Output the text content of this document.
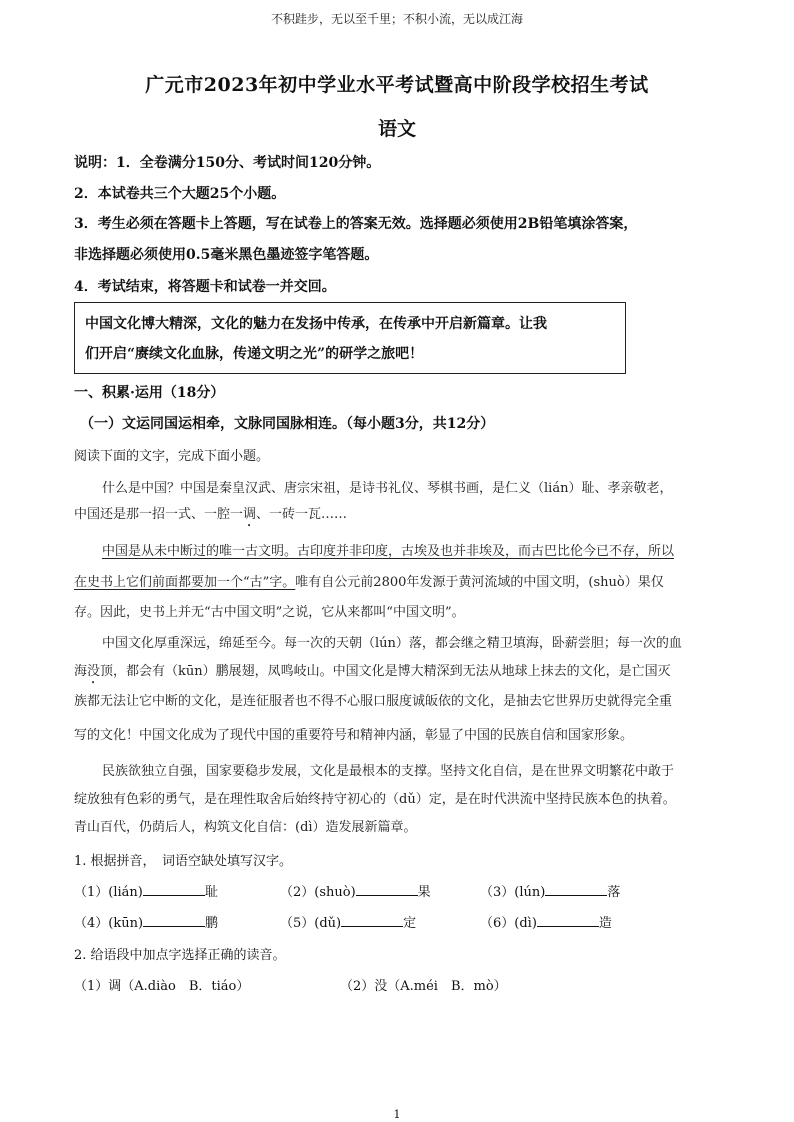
不积跬步，无以至千里；不积小流，无以成江海
广元市2023年初中学业水平考试暨高中阶段学校招生考试
语文
说明：1．全卷满分150分、考试时间120分钟。
2．本试卷共三个大题25个小题。
3．考生必须在答题卡上答题，写在试卷上的答案无效。选择题必须使用2B铅笔填涂答案，
非选择题必须使用0.5毫米黑色墨迹签字笔答题。
4．考试结束，将答题卡和试卷一并交回。
中国文化博大精深，文化的魅力在发扬中传承，在传承中开启新篇章。让我
们开启“赓续文化血脉，传递文明之光”的研学之旅吧！
一、积累·运用（18分）
（一）文运同国运相牵，文脉同国脉相连。（每小题3分，共12分）
阅读下面的文字，完成下面小题。
什么是中国？中国是秦皇汉武、唐宗宋祖，是诗书礼仪、琴棋书画，是仁义（lián）耻、孝亲敬老，
中国还是那一招一式、一腔一调、一砖一瓦……
中国是从未中断过的唯一古文明。古印度并非印度，古埃及也并非埃及，而古巴比伦今已不存，所以
在史书上它们前面都要加一个“古”字。唯有自公元前2800年发源于黄河流域的中国文明，(shuò）果仅
存。因此，史书上并无“古中国文明”之说，它从来都叫“中国文明”。
中国文化厚重深远，绵延至今。每一次的天朝（lún）落，都会继之精卫填海，卧薪尝胆；每一次的血
海没顶，都会有（kūn）鹏展翅，凤鸣岐山。中国文化是博大精深到无法从地球上抹去的文化，是亡国灭
族都无法让它中断的文化，是连征服者也不得不心服口服度诚皈依的文化，是抽去它世界历史就得完全重
写的文化！中国文化成为了现代中国的重要符号和精神内涵，彰显了中国的民族自信和国家形象。
民族欲独立自强，国家要稳步发展，文化是最根本的支撑。坚持文化自信，是在世界文明繁花中敢于
绽放独有色彩的勇气，是在理性取舍后始终持守初心的（dǔ）定，是在时代洪流中坚持民族本色的执着。
青山百代，仍荫后人，构筑文化自信：(dì）造发展新篇章。
1. 根据拼音，　词语空缺处填写汉字。
（1）(lián)	耻	（2）(shuò)	果	（3）(lún)	落
（4）(kūn)	鹏	（5）(dǔ)	定	（6）(dì)	造
2. 给语段中加点字选择正确的读音。
（1）调（A.diào　B．tiáo）	（2）没（A.méi　B．mò）
1
